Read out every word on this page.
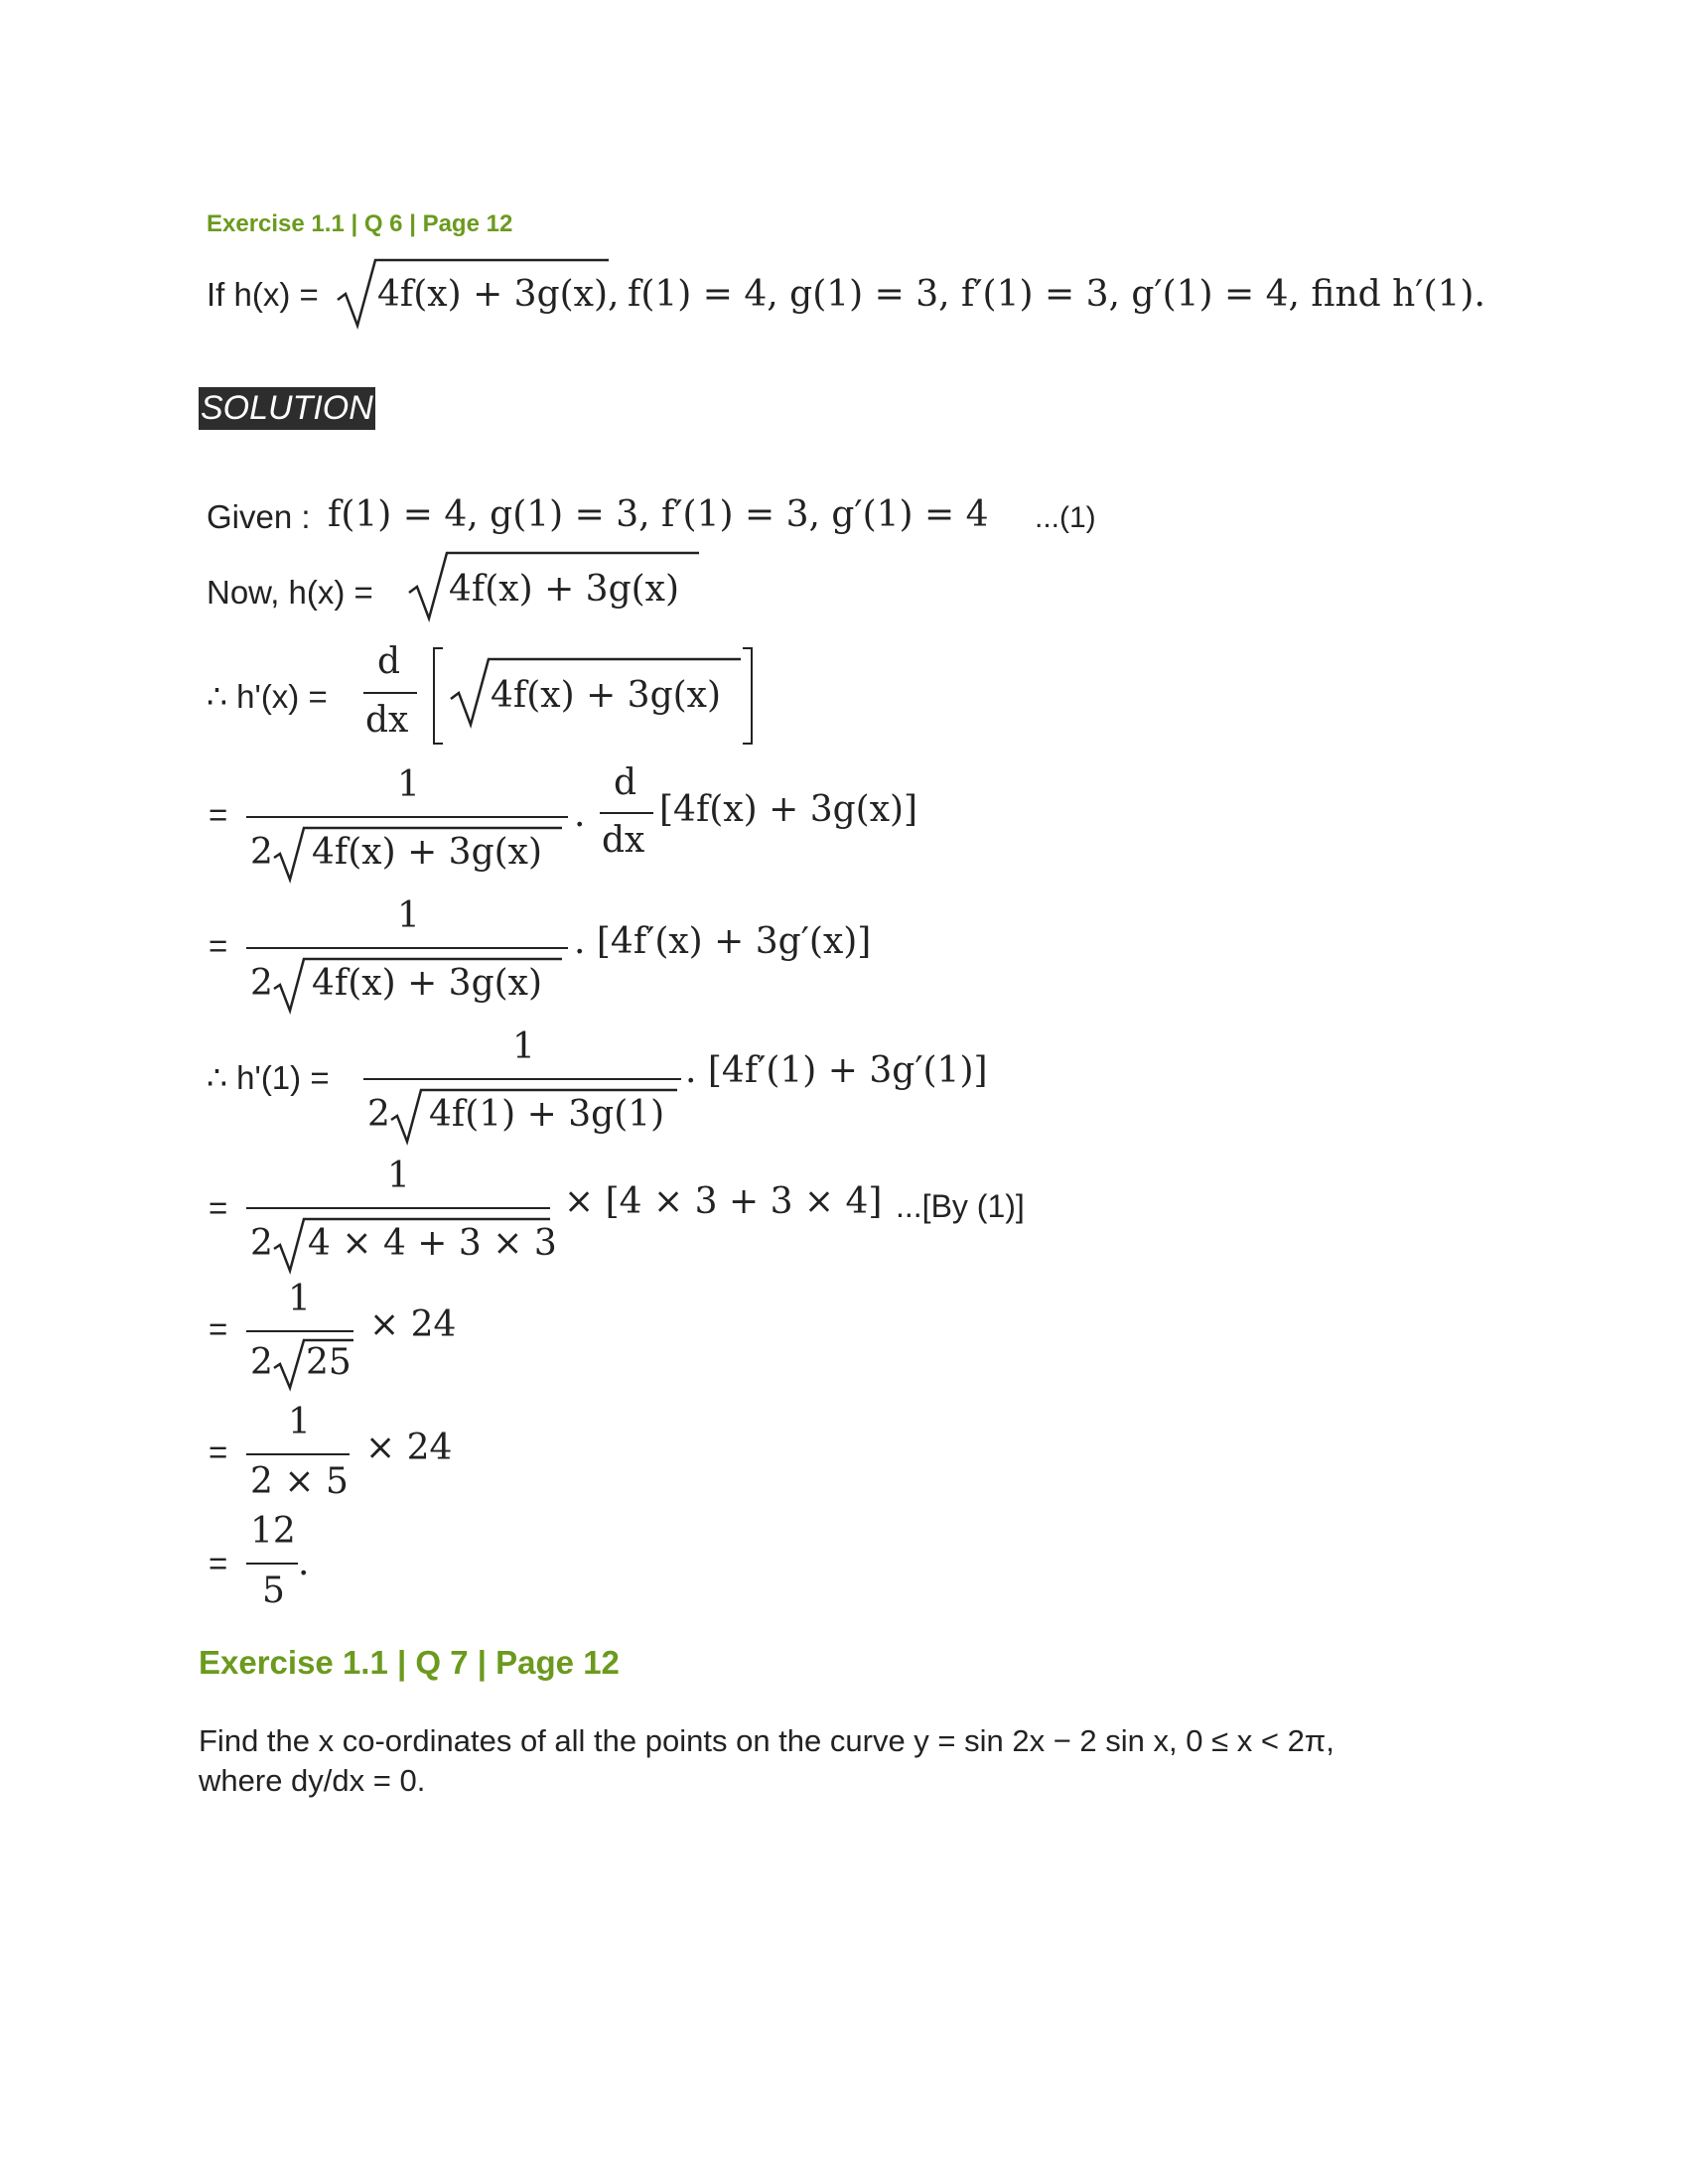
Exercise 1.1 | Q 6 | Page 12
If h(x) = 4f(x) + 3g(x), f(1) = 4, g(1) = 3, f′(1) = 3, g′(1) = 4, find h′(1).
SOLUTION
Given : f(1) = 4, g(1) = 3, f′(1) = 3, g′(1) = 4 ...(1)
Now, h(x) = 4f(x) + 3g(x)
∴ h'(x) =
d
dx
4f(x) + 3g(x)
=
1
2 4f(x) + 3g(x)
.
d
dx
[4f(x) + 3g(x)]
=
1
2 4f(x) + 3g(x)
. [4f′(x) + 3g′(x)]
∴ h'(1) =
1
2 4f(1) + 3g(1)
. [4f′(1) + 3g′(1)]
=
1
2 4 × 4 + 3 × 3
× [4 × 3 + 3 × 4] ...[By (1)]
=
1
2 25
× 24
=
1
2 × 5
× 24
=
12
5
.
Exercise 1.1 | Q 7 | Page 12
Find the x co-ordinates of all the points on the curve y = sin 2x − 2 sin x, 0 ≤ x < 2π,
where dy/dx = 0.
